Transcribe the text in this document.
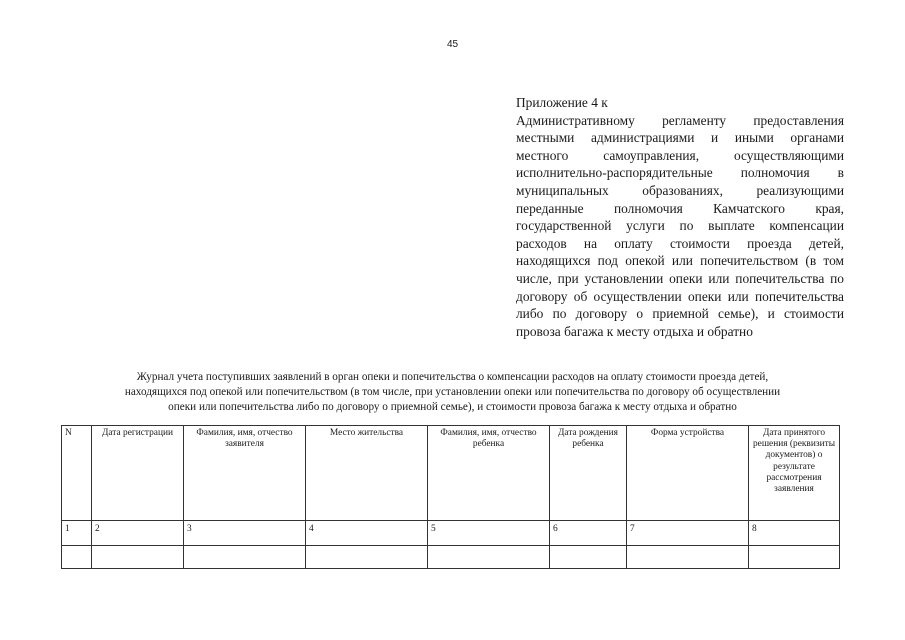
45
Приложение 4 к
Административному регламенту предоставления местными администрациями и иными органами местного самоуправления, осуществляющими исполнительно-распорядительные полномочия в муниципальных образованиях, реализующими переданные полномочия Камчатского края, государственной услуги по выплате компенсации расходов на оплату стоимости проезда детей, находящихся под опекой или попечительством (в том числе, при установлении опеки или попечительства по договору об осуществлении опеки или попечительства либо по договору о приемной семье), и стоимости провоза багажа к месту отдыха и обратно
Журнал учета поступивших заявлений в орган опеки и попечительства о компенсации расходов на оплату стоимости проезда детей,
находящихся под опекой или попечительством (в том числе, при установлении опеки или попечительства по договору об осуществлении
опеки или попечительства либо по договору о приемной семье), и стоимости провоза багажа к месту отдыха и обратно
N	Дата регистрации	Фамилия, имя, отчество заявителя	Место жительства	Фамилия, имя, отчество ребенка	Дата рождения ребенка	Форма устройства	Дата принятого решения (реквизиты документов) о результате рассмотрения заявления
1	2	3	4	5	6	7	8
